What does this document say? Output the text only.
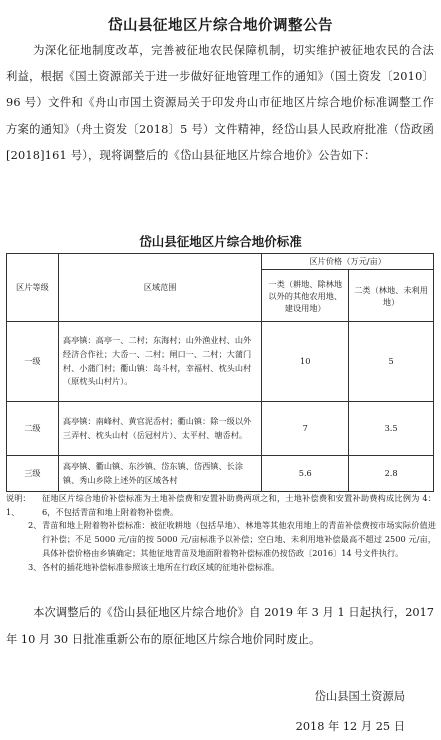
岱山县征地区片综合地价调整公告

为深化征地制度改革，完善被征地农民保障机制，切实维护被征地农民的合法利益，根据《国土资源部关于进一步做好征地管理工作的通知》（国土资发〔2010〕96 号）文件和《舟山市国土资源局关于印发舟山市征地区片综合地价标准调整工作方案的通知》（舟土资发〔2018〕5 号）文件精神，经岱山县人民政府批准（岱政函[2018]161 号），现将调整后的《岱山县征地区片综合地价》公告如下：

岱山县征地区片综合地价标准
区片等级	区域范围	区片价格（万元/亩）	
		一类（耕地、除林地以外的其他农用地、建设用地）	二类（林地、未利用地）
一级	高亭镇：高亭一、二村；东海村；山外渔业村、山外经济合作社；大岙一、二村；闸口一、二村；大蒲门村、小蒲门村；衢山镇：岛斗村，幸福村、枕头山村（原枕头山村片）。	10	5
二级	高亭镇：南峰村、黄官泥岙村；衢山镇：除一级以外三弄村、枕头山村（岳冠村片）、太平村、塘岙村。	7	3.5
三级	高亭镇、衢山镇、东沙镇、岱东镇、岱西镇、长涂镇、秀山乡除上述外的区域各村	5.6	2.8
说明：1、
征地区片综合地价补偿标准为土地补偿费和安置补助费两项之和，土地补偿费和安置补助费构成比例为 4：6，不包括青苗和地上附着物补偿费。
2、 青苗和地上附着物补偿标准：被征收耕地（包括旱地）、林地等其他农用地上的青苗补偿费按市场实际价值进行补偿；不足 5000 元/亩的按 5000 元/亩标准予以补偿；空白地、未利用地补偿最高不超过 2500 元/亩，具体补偿价格由乡镇确定；其他征地青苗及地面附着物补偿标准仍按岱政〔2016〕14 号文件执行。
3、 各村的插花地补偿标准参照该土地所在行政区域的征地补偿标准。

本次调整后的《岱山县征地区片综合地价》自 2019 年 3 月 1 日起执行，2017 年 10 月 30 日批准重新公布的原征地区片综合地价同时废止。

岱山县国土资源局
2018 年 12 月 25 日
